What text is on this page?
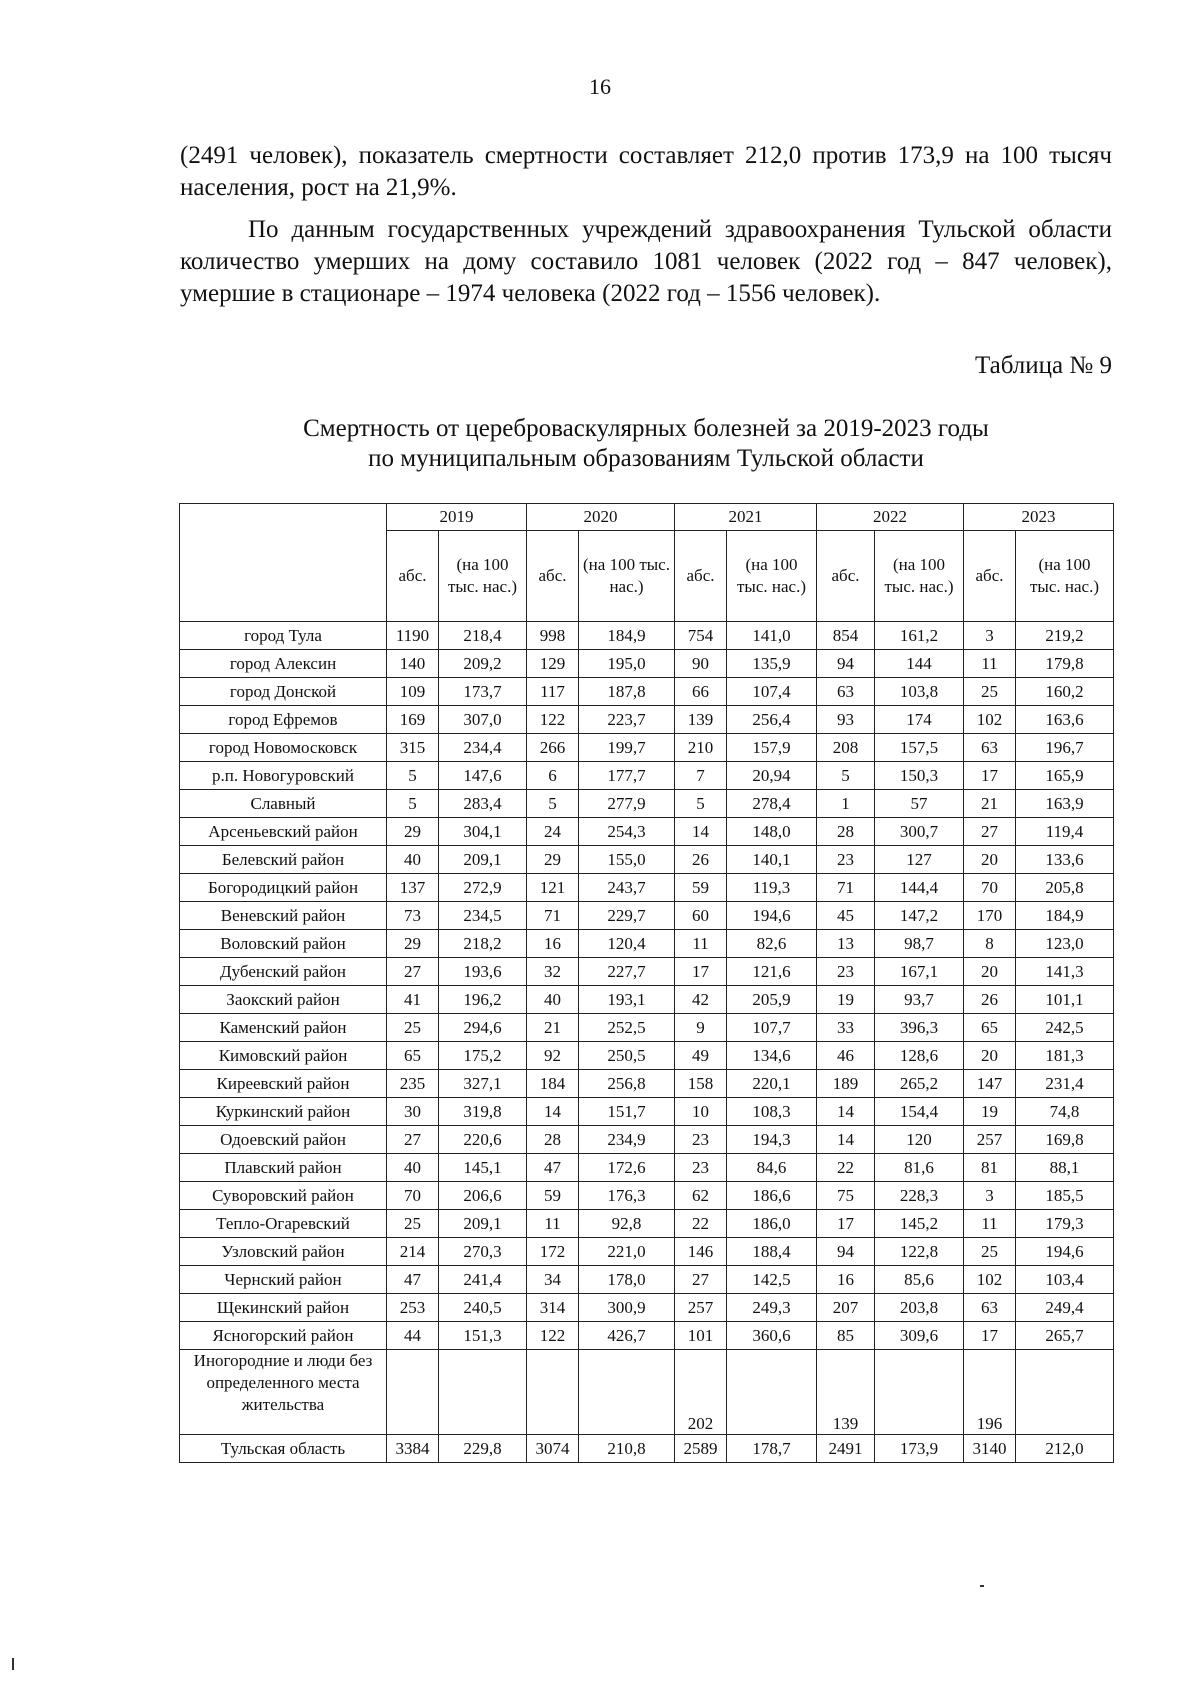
16
(2491 человек), показатель смертности составляет 212,0 против 173,9 на 100 тысяч населения, рост на 21,9%.
По данным государственных учреждений здравоохранения Тульской области количество умерших на дому составило 1081 человек (2022 год – 847 человек), умершие в стационаре – 1974 человека (2022 год – 1556 человек).
Таблица № 9
Смертность от цереброваскулярных болезней за 2019-2023 годы
по муниципальным образованиям Тульской области
	2019		2020		2021		2022		2023	
	абс.	(на 100 тыс. нас.)	абс.	(на 100 тыс. нас.)	абс.	(на 100 тыс. нас.)	абс.	(на 100 тыс. нас.)	абс.	(на 100 тыс. нас.)
город Тула	1190	218,4	998	184,9	754	141,0	854	161,2	3	219,2
город Алексин	140	209,2	129	195,0	90	135,9	94	144	11	179,8
город Донской	109	173,7	117	187,8	66	107,4	63	103,8	25	160,2
город Ефремов	169	307,0	122	223,7	139	256,4	93	174	102	163,6
город Новомосковск	315	234,4	266	199,7	210	157,9	208	157,5	63	196,7
р.п. Новогуровский	5	147,6	6	177,7	7	20,94	5	150,3	17	165,9
Славный	5	283,4	5	277,9	5	278,4	1	57	21	163,9
Арсеньевский район	29	304,1	24	254,3	14	148,0	28	300,7	27	119,4
Белевский район	40	209,1	29	155,0	26	140,1	23	127	20	133,6
Богородицкий район	137	272,9	121	243,7	59	119,3	71	144,4	70	205,8
Веневский район	73	234,5	71	229,7	60	194,6	45	147,2	170	184,9
Воловский район	29	218,2	16	120,4	11	82,6	13	98,7	8	123,0
Дубенский район	27	193,6	32	227,7	17	121,6	23	167,1	20	141,3
Заокский район	41	196,2	40	193,1	42	205,9	19	93,7	26	101,1
Каменский район	25	294,6	21	252,5	9	107,7	33	396,3	65	242,5
Кимовский район	65	175,2	92	250,5	49	134,6	46	128,6	20	181,3
Киреевский район	235	327,1	184	256,8	158	220,1	189	265,2	147	231,4
Куркинский район	30	319,8	14	151,7	10	108,3	14	154,4	19	74,8
Одоевский район	27	220,6	28	234,9	23	194,3	14	120	257	169,8
Плавский район	40	145,1	47	172,6	23	84,6	22	81,6	81	88,1
Суворовский район	70	206,6	59	176,3	62	186,6	75	228,3	3	185,5
Тепло-Огаревский	25	209,1	11	92,8	22	186,0	17	145,2	11	179,3
Узловский район	214	270,3	172	221,0	146	188,4	94	122,8	25	194,6
Чернский район	47	241,4	34	178,0	27	142,5	16	85,6	102	103,4
Щекинский район	253	240,5	314	300,9	257	249,3	207	203,8	63	249,4
Ясногорский район	44	151,3	122	426,7	101	360,6	85	309,6	17	265,7
Иногородние и люди без определенного места жительства					202		139		196	
Тульская область	3384	229,8	3074	210,8	2589	178,7	2491	173,9	3140	212,0
